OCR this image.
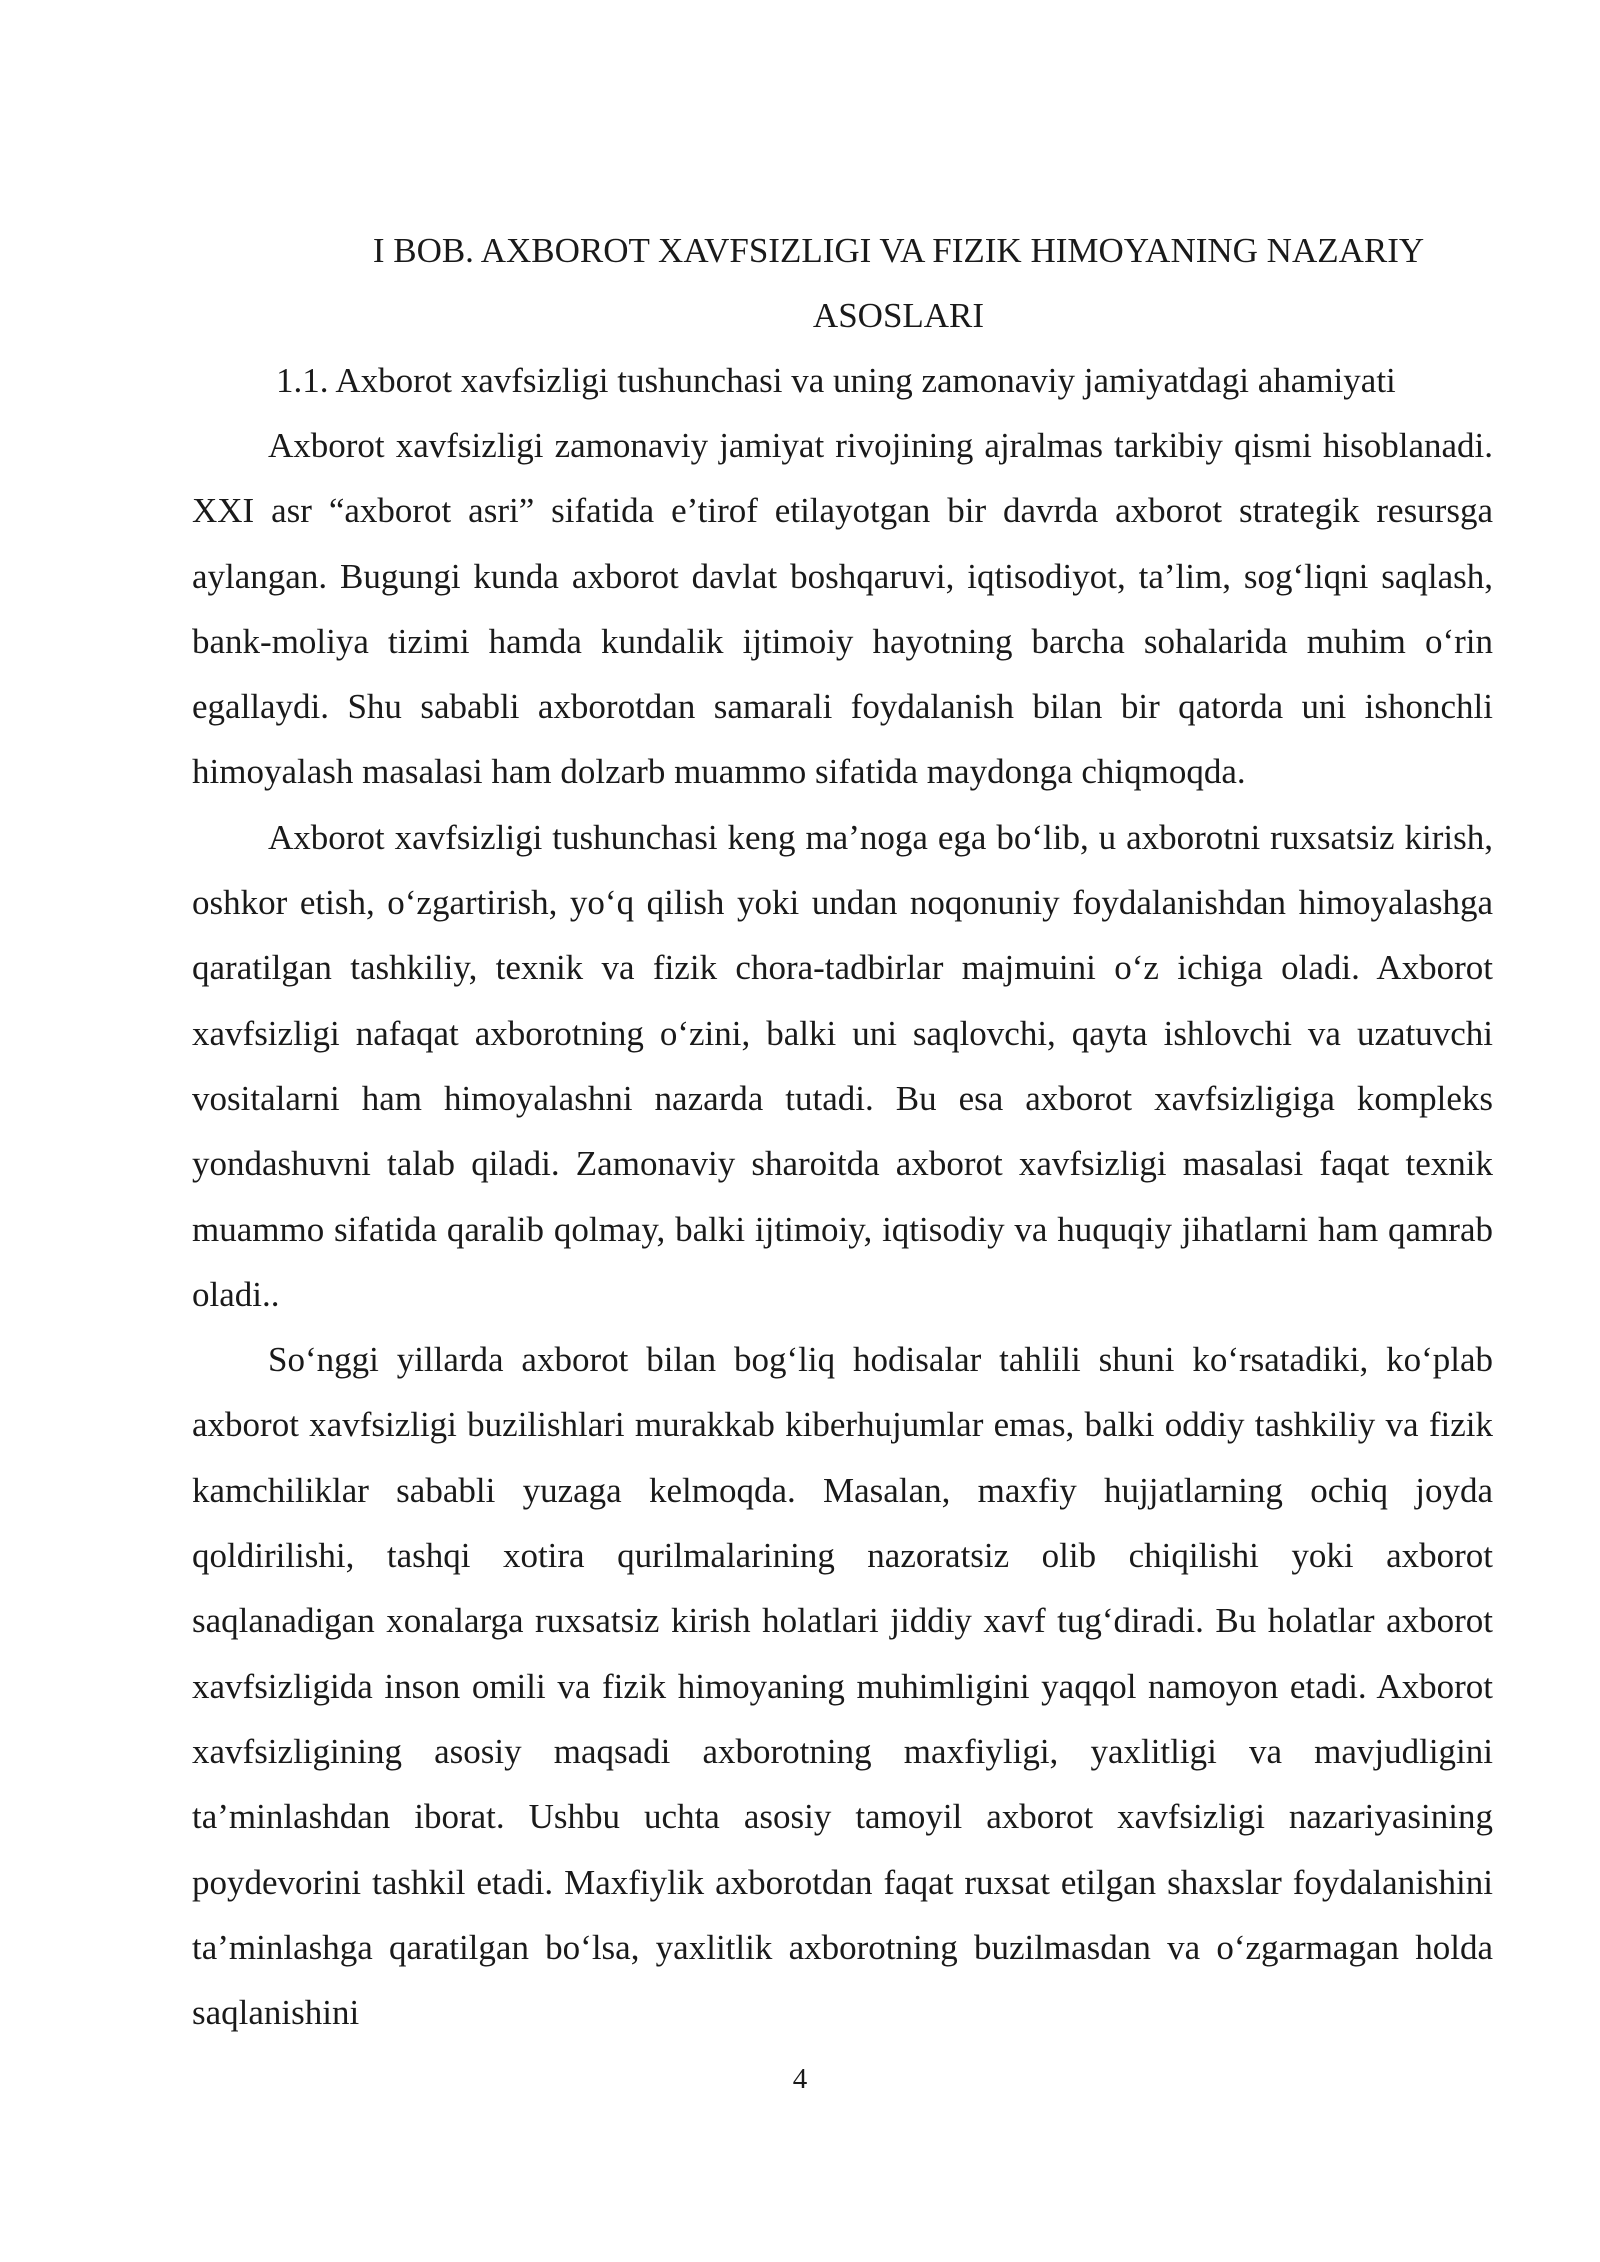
I BOB. AXBOROT XAVFSIZLIGI VA FIZIK HIMOYANING NAZARIY ASOSLARI
1.1. Axborot xavfsizligi tushunchasi va uning zamonaviy jamiyatdagi ahamiyati

Axborot xavfsizligi zamonaviy jamiyat rivojining ajralmas tarkibiy qismi hisoblanadi. XXI asr “axborot asri” sifatida e’tirof etilayotgan bir davrda axborot strategik resursga aylangan. Bugungi kunda axborot davlat boshqaruvi, iqtisodiyot, ta’lim, sog‘liqni saqlash, bank-moliya tizimi hamda kundalik ijtimoiy hayotning barcha sohalarida muhim o‘rin egallaydi. Shu sababli axborotdan samarali foydalanish bilan bir qatorda uni ishonchli himoyalash masalasi ham dolzarb muammo sifatida maydonga chiqmoqda.

Axborot xavfsizligi tushunchasi keng ma’noga ega bo‘lib, u axborotni ruxsatsiz kirish, oshkor etish, o‘zgartirish, yo‘q qilish yoki undan noqonuniy foydalanishdan himoyalashga qaratilgan tashkiliy, texnik va fizik chora-tadbirlar majmuini o‘z ichiga oladi. Axborot xavfsizligi nafaqat axborotning o‘zini, balki uni saqlovchi, qayta ishlovchi va uzatuvchi vositalarni ham himoyalashni nazarda tutadi. Bu esa axborot xavfsizligiga kompleks yondashuvni talab qiladi. Zamonaviy sharoitda axborot xavfsizligi masalasi faqat texnik muammo sifatida qaralib qolmay, balki ijtimoiy, iqtisodiy va huquqiy jihatlarni ham qamrab oladi..

So‘nggi yillarda axborot bilan bog‘liq hodisalar tahlili shuni ko‘rsatadiki, ko‘plab axborot xavfsizligi buzilishlari murakkab kiberhujumlar emas, balki oddiy tashkiliy va fizik kamchiliklar sababli yuzaga kelmoqda. Masalan, maxfiy hujjatlarning ochiq joyda qoldirilishi, tashqi xotira qurilmalarining nazoratsiz olib chiqilishi yoki axborot saqlanadigan xonalarga ruxsatsiz kirish holatlari jiddiy xavf tug‘diradi. Bu holatlar axborot xavfsizligida inson omili va fizik himoyaning muhimligini yaqqol namoyon etadi. Axborot xavfsizligining asosiy maqsadi axborotning maxfiyligi, yaxlitligi va mavjudligini ta’minlashdan iborat. Ushbu uchta asosiy tamoyil axborot xavfsizligi nazariyasining poydevorini tashkil etadi. Maxfiylik axborotdan faqat ruxsat etilgan shaxslar foydalanishini ta’minlashga qaratilgan bo‘lsa, yaxlitlik axborotning buzilmasdan va o‘zgarmagan holda saqlanishini

4
